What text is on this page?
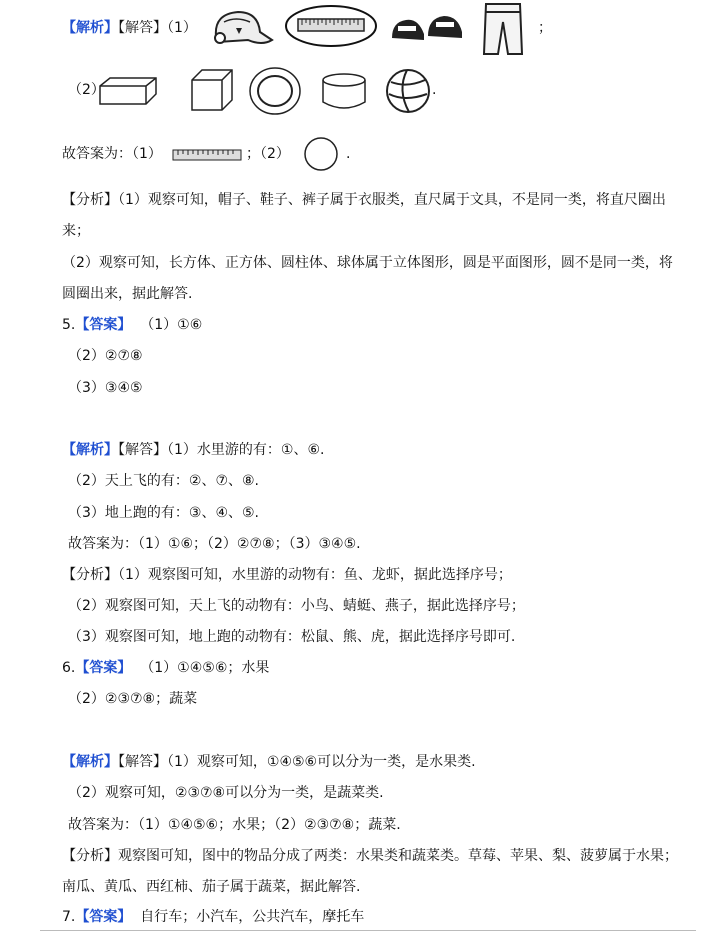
【解析】【解答】（1）	；
（2）	.
故答案为：（1）	；（2）	.
【分析】（1）观察可知，帽子、鞋子、裤子属于衣服类，直尺属于文具，不是同一类，将直尺圈出
来；
（2）观察可知，长方体、正方体、圆柱体、球体属于立体图形，圆是平面图形，圆不是同一类，将
圆圈出来，据此解答.
5.【答案】 （1）①⑥
（2）②⑦⑧
（3）③④⑤
【解析】【解答】（1）水里游的有：①、⑥.
（2）天上飞的有：②、⑦、⑧.
（3）地上跑的有：③、④、⑤.
故答案为：（1）①⑥；（2）②⑦⑧；（3）③④⑤.
【分析】（1）观察图可知，水里游的动物有：鱼、龙虾，据此选择序号；
（2）观察图可知，天上飞的动物有：小鸟、蜻蜓、燕子，据此选择序号；
（3）观察图可知，地上跑的动物有：松鼠、熊、虎，据此选择序号即可.
6.【答案】 （1）①④⑤⑥；水果
（2）②③⑦⑧；蔬菜
【解析】【解答】（1）观察可知，①④⑤⑥可以分为一类，是水果类.
（2）观察可知，②③⑦⑧可以分为一类，是蔬菜类.
故答案为：（1）①④⑤⑥；水果；（2）②③⑦⑧；蔬菜.
【分析】观察图可知，图中的物品分成了两类：水果类和蔬菜类。草莓、苹果、梨、菠萝属于水果；
南瓜、黄瓜、西红柿、茄子属于蔬菜，据此解答.
7.【答案】 自行车；小汽车，公共汽车，摩托车
